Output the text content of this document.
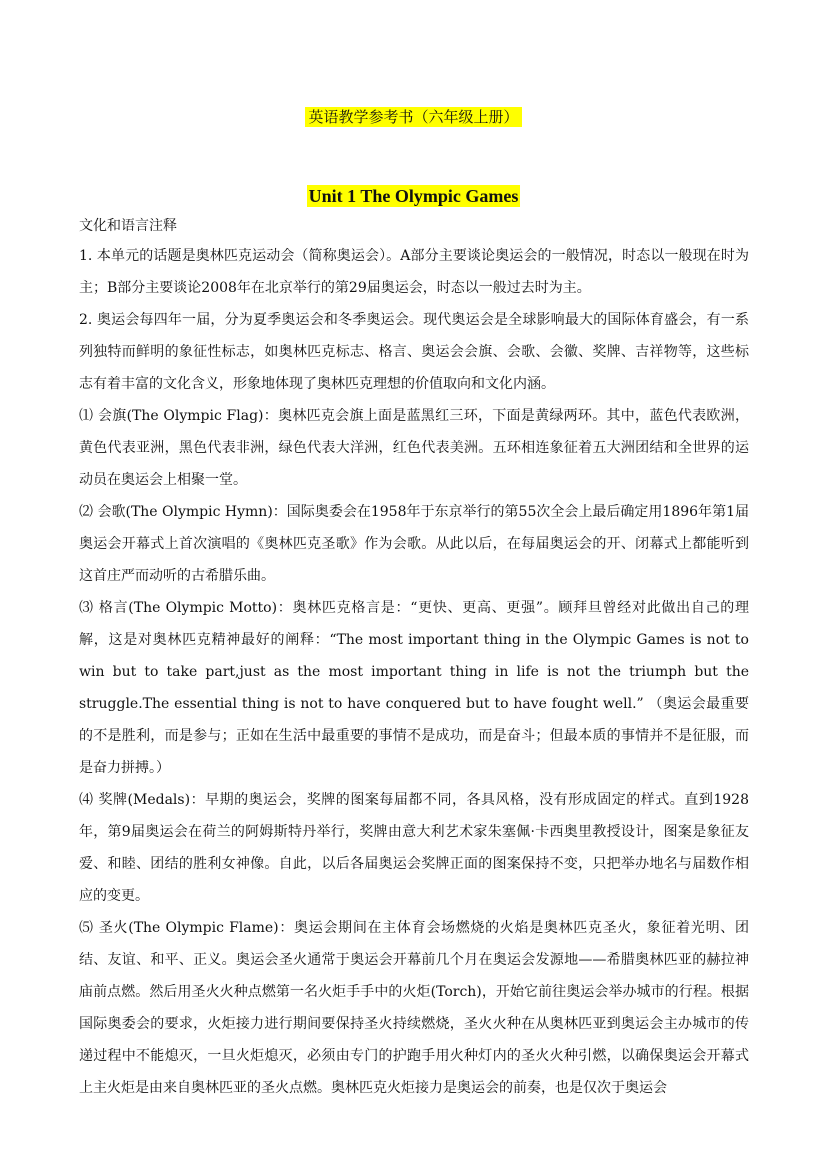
英语教学参考书（六年级上册）
Unit 1 The Olympic Games

文化和语言注释

1. 本单元的话题是奥林匹克运动会（简称奥运会）。A部分主要谈论奥运会的一般情况，时态以一般现在时为主；B部分主要谈论2008年在北京举行的第29届奥运会，时态以一般过去时为主。

2. 奥运会每四年一届，分为夏季奥运会和冬季奥运会。现代奥运会是全球影响最大的国际体育盛会，有一系列独特而鲜明的象征性标志，如奥林匹克标志、格言、奥运会会旗、会歌、会徽、奖牌、吉祥物等，这些标志有着丰富的文化含义，形象地体现了奥林匹克理想的价值取向和文化内涵。

⑴ 会旗(The Olympic Flag)：奥林匹克会旗上面是蓝黑红三环，下面是黄绿两环。其中，蓝色代表欧洲，黄色代表亚洲，黑色代表非洲，绿色代表大洋洲，红色代表美洲。五环相连象征着五大洲团结和全世界的运动员在奥运会上相聚一堂。

⑵ 会歌(The Olympic Hymn)：国际奥委会在1958年于东京举行的第55次全会上最后确定用1896年第1届奥运会开幕式上首次演唱的《奥林匹克圣歌》作为会歌。从此以后，在每届奥运会的开、闭幕式上都能听到这首庄严而动听的古希腊乐曲。

⑶ 格言(The Olympic Motto)：奥林匹克格言是：“更快、更高、更强”。顾拜旦曾经对此做出自己的理解，这是对奥林匹克精神最好的阐释：“The most important thing in the Olympic Games is not to win but to take part,just as the most important thing in life is not the triumph but the struggle.The essential thing is not to have conquered but to have fought well.” （奥运会最重要的不是胜利，而是参与；正如在生活中最重要的事情不是成功，而是奋斗；但最本质的事情并不是征服，而是奋力拼搏。）

⑷ 奖牌(Medals)：早期的奥运会，奖牌的图案每届都不同，各具风格，没有形成固定的样式。直到1928年，第9届奥运会在荷兰的阿姆斯特丹举行，奖牌由意大利艺术家朱塞佩·卡西奥里教授设计，图案是象征友爱、和睦、团结的胜利女神像。自此，以后各届奥运会奖牌正面的图案保持不变，只把举办地名与届数作相应的变更。

⑸ 圣火(The Olympic Flame)：奥运会期间在主体育会场燃烧的火焰是奥林匹克圣火，象征着光明、团结、友谊、和平、正义。奥运会圣火通常于奥运会开幕前几个月在奥运会发源地——希腊奥林匹亚的赫拉神庙前点燃。然后用圣火火种点燃第一名火炬手手中的火炬(Torch)，开始它前往奥运会举办城市的行程。根据国际奥委会的要求，火炬接力进行期间要保持圣火持续燃烧，圣火火种在从奥林匹亚到奥运会主办城市的传递过程中不能熄灭，一旦火炬熄灭，必须由专门的护跑手用火种灯内的圣火火种引燃，以确保奥运会开幕式上主火炬是由来自奥林匹亚的圣火点燃。奥林匹克火炬接力是奥运会的前奏，也是仅次于奥运会
